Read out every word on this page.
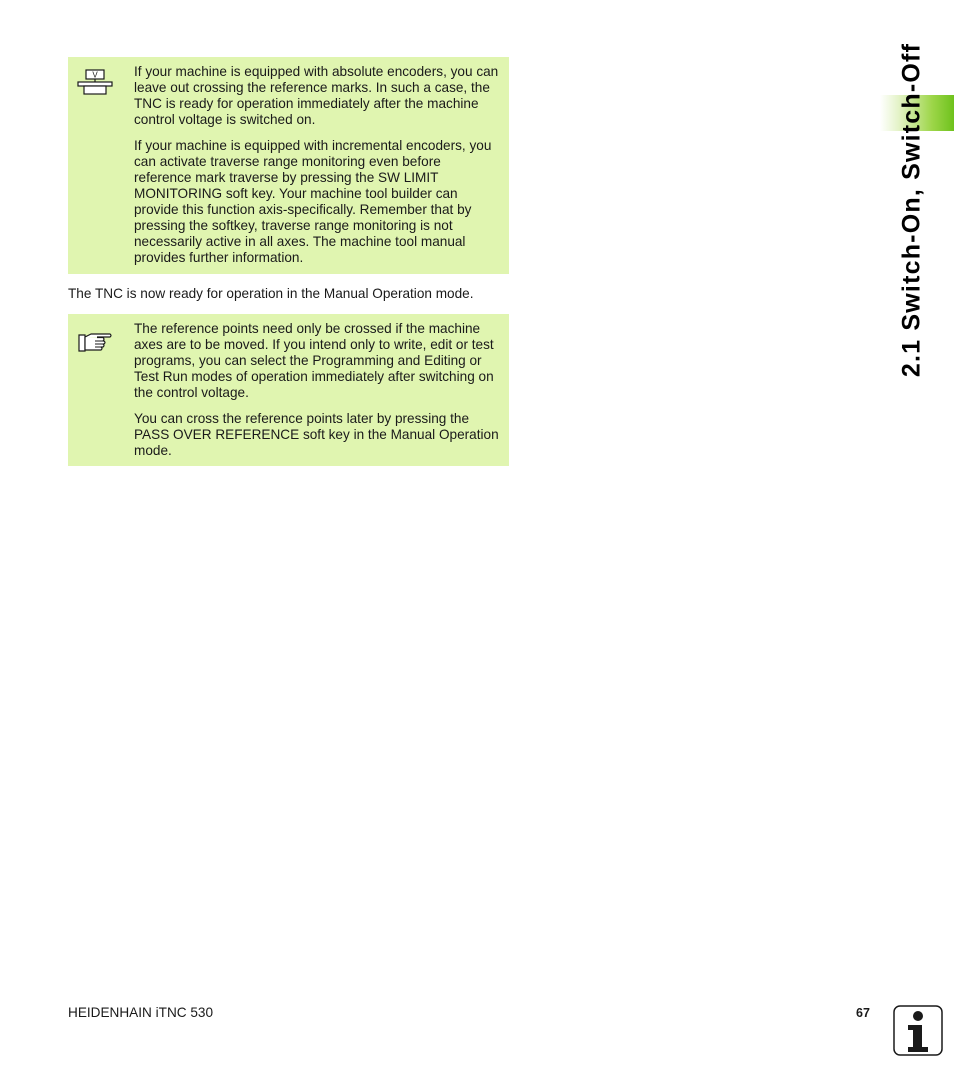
V	If your machine is equipped with absolute encoders, you can leave out crossing the reference marks. In such a case, the TNC is ready for operation immediately after the machine control voltage is switched on.

If your machine is equipped with incremental encoders, you can activate traverse range monitoring even before reference mark traverse by pressing the SW LIMIT MONITORING soft key. Your machine tool builder can provide this function axis-specifically. Remember that by pressing the softkey, traverse range monitoring is not necessarily active in all axes. The machine tool manual provides further information.

The TNC is now ready for operation in the Manual Operation mode.

The reference points need only be crossed if the machine axes are to be moved. If you intend only to write, edit or test programs, you can select the Programming and Editing or Test Run modes of operation immediately after switching on the control voltage.

You can cross the reference points later by pressing the PASS OVER REFERENCE soft key in the Manual Operation mode.

2.1 Switch-On, Switch-Off
HEIDENHAIN iTNC 530	67
